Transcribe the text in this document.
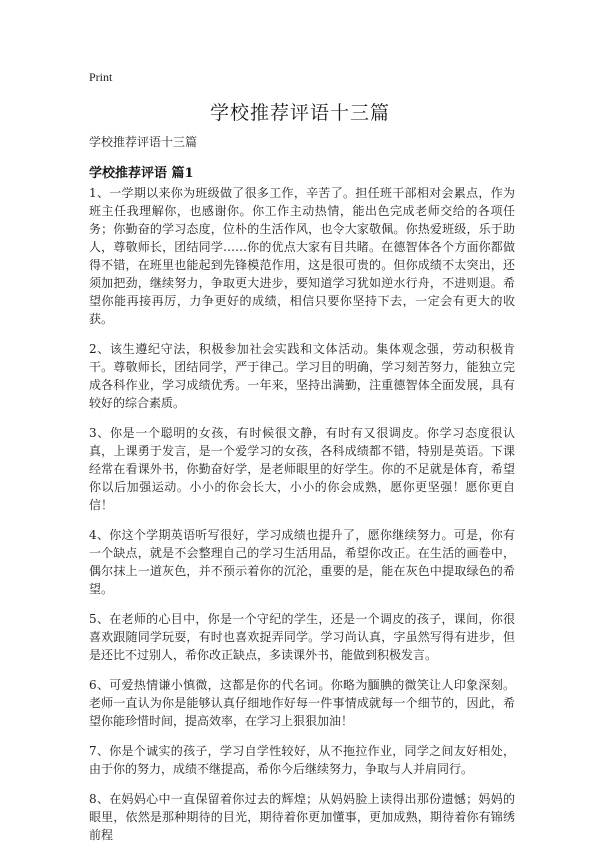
Print
学校推荐评语十三篇
学校推荐评语十三篇
学校推荐评语 篇1

1、一学期以来你为班级做了很多工作，辛苦了。担任班干部相对会累点，作为班主任我理解你，也感谢你。你工作主动热情，能出色完成老师交给的各项任务；你勤奋的学习态度，位朴的生活作风，也令大家敬佩。你热爱班级，乐于助人，尊敬师长，团结同学……你的优点大家有目共睹。在德智体各个方面你都做得不错，在班里也能起到先锋模范作用，这是很可贵的。但你成绩不太突出，还须加把劲，继续努力，争取更大进步，要知道学习犹如逆水行舟，不进则退。希望你能再接再厉，力争更好的成绩，相信只要你坚持下去，一定会有更大的收获。

2、该生遵纪守法，积极参加社会实践和文体活动。集体观念强，劳动积极肯干。尊敬师长，团结同学，严于律己。学习目的明确，学习刻苦努力，能独立完成各科作业，学习成绩优秀。一年来，坚持出满勤，注重德智体全面发展，具有较好的综合素质。

3、你是一个聪明的女孩，有时候很文静，有时有又很调皮。你学习态度很认真，上课勇于发言，是一个爱学习的女孩，各科成绩都不错，特别是英语。下课经常在看课外书，你勤奋好学，是老师眼里的好学生。你的不足就是体育，希望你以后加强运动。小小的你会长大，小小的你会成熟，愿你更坚强！愿你更自信！

4、你这个学期英语听写很好，学习成绩也提升了，愿你继续努力。可是，你有一个缺点，就是不会整理自己的学习生活用品，希望你改正。在生活的画卷中，偶尔抹上一道灰色，并不预示着你的沉沦，重要的是，能在灰色中提取绿色的希望。

5、在老师的心目中，你是一个守纪的学生，还是一个调皮的孩子，课间，你很喜欢跟随同学玩耍，有时也喜欢捉弄同学。学习尚认真，字虽然写得有进步，但是还比不过别人，希你改正缺点，多读课外书，能做到积极发言。

6、可爱热情谦小慎微，这都是你的代名词。你略为腼腆的微笑让人印象深刻。老师一直认为你是能够认真仔细地作好每一件事情成就每一个细节的，因此，希望你能珍惜时间，提高效率，在学习上狠狠加油！

7、你是个诚实的孩子，学习自学性较好，从不拖拉作业，同学之间友好相处，由于你的努力，成绩不继提高，希你今后继续努力，争取与人并肩同行。

8、在妈妈心中一直保留着你过去的辉煌；从妈妈脸上读得出那份遗憾；妈妈的眼里，依然是那种期待的目光，期待着你更加懂事，更加成熟，期待着你有锦绣前程
